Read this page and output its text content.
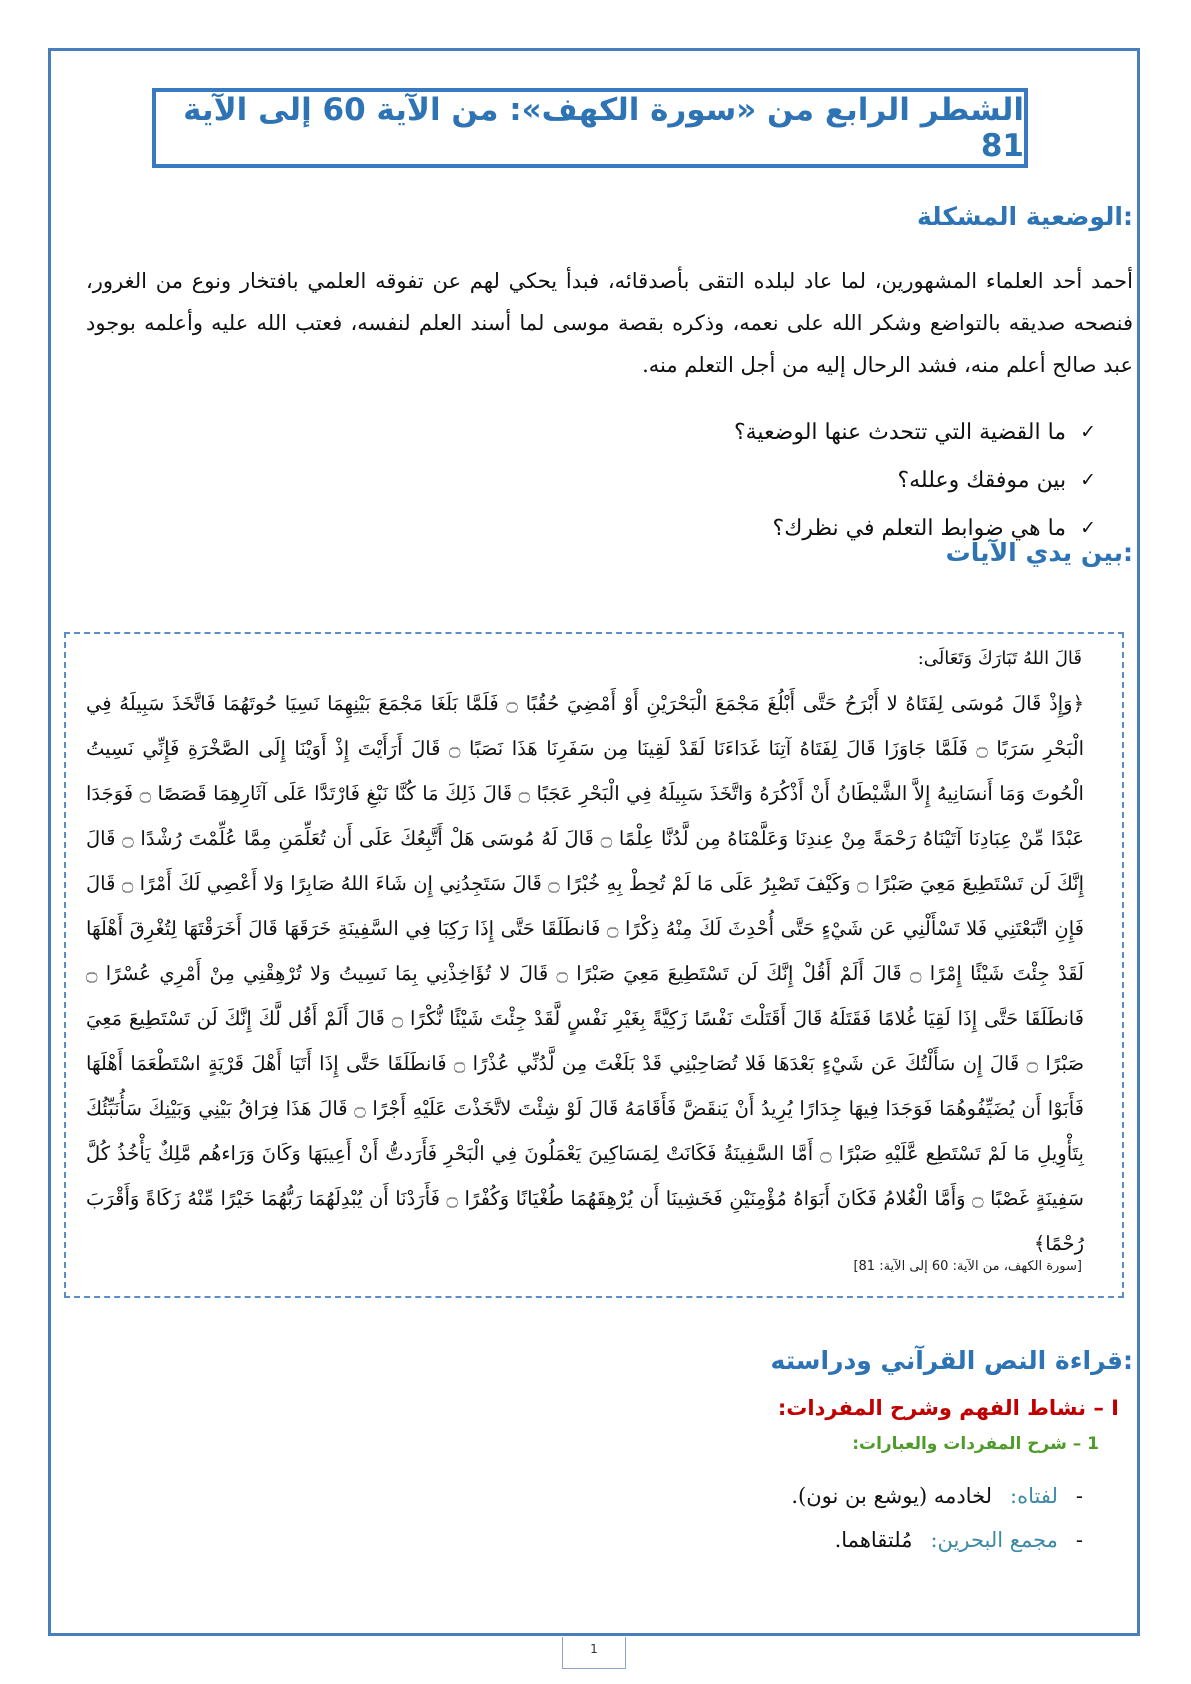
الشطر الرابع من «سورة الكهف»: من الآية 60 إلى الآية 81
الوضعية المشكلة:

أحمد أحد العلماء المشهورين، لما عاد لبلده التقى بأصدقائه، فبدأ يحكي لهم عن تفوقه العلمي بافتخار ونوع من الغرور، فنصحه صديقه بالتواضع وشكر الله على نعمه، وذكره بقصة موسى لما أسند العلم لنفسه، فعتب الله عليه وأعلمه بوجود عبد صالح أعلم منه، فشد الرحال إليه من أجل التعلم منه.

✓
ما القضية التي تتحدث عنها الوضعية؟
✓
بين موفقك وعلله؟
✓
ما هي ضوابط التعلم في نظرك؟
بين يدي الآيات:
قَالَ اللهُ تَبَارَكَ وَتَعَالَى:
﴿وَإِذْ قَالَ مُوسَى لِفَتَاهُ لا أَبْرَحُ حَتَّى أَبْلُغَ مَجْمَعَ الْبَحْرَيْنِ أَوْ أَمْضِيَ حُقُبًا ۝ فَلَمَّا بَلَغَا مَجْمَعَ بَيْنِهِمَا نَسِيَا حُوتَهُمَا فَاتَّخَذَ سَبِيلَهُ فِي الْبَحْرِ سَرَبًا ۝ فَلَمَّا جَاوَزَا قَالَ لِفَتَاهُ آتِنَا غَدَاءَنَا لَقَدْ لَقِينَا مِن سَفَرِنَا هَذَا نَصَبًا ۝ قَالَ أَرَأَيْتَ إِذْ أَوَيْنَا إِلَى الصَّخْرَةِ فَإِنِّي نَسِيتُ الْحُوتَ وَمَا أَنسَانِيهُ إِلاَّ الشَّيْطَانُ أَنْ أَذْكُرَهُ وَاتَّخَذَ سَبِيلَهُ فِي الْبَحْرِ عَجَبًا ۝ قَالَ ذَلِكَ مَا كُنَّا نَبْغِ فَارْتَدَّا عَلَى آثَارِهِمَا قَصَصًا ۝ فَوَجَدَا عَبْدًا مِّنْ عِبَادِنَا آتَيْنَاهُ رَحْمَةً مِنْ عِندِنَا وَعَلَّمْنَاهُ مِن لَّدُنَّا عِلْمًا ۝ قَالَ لَهُ مُوسَى هَلْ أَتَّبِعُكَ عَلَى أَن تُعَلِّمَنِ مِمَّا عُلِّمْتَ رُشْدًا ۝ قَالَ إِنَّكَ لَن تَسْتَطِيعَ مَعِيَ صَبْرًا ۝ وَكَيْفَ تَصْبِرُ عَلَى مَا لَمْ تُحِطْ بِهِ خُبْرًا ۝ قَالَ سَتَجِدُنِي إِن شَاءَ اللهُ صَابِرًا وَلا أَعْصِي لَكَ أَمْرًا ۝ قَالَ فَإِنِ اتَّبَعْتَنِي فَلا تَسْأَلْنِي عَن شَيْءٍ حَتَّى أُحْدِثَ لَكَ مِنْهُ ذِكْرًا ۝ فَانطَلَقَا حَتَّى إِذَا رَكِبَا فِي السَّفِينَةِ خَرَقَهَا قَالَ أَخَرَقْتَهَا لِتُغْرِقَ أَهْلَهَا لَقَدْ جِئْتَ شَيْئًا إِمْرًا ۝ قَالَ أَلَمْ أَقُلْ إِنَّكَ لَن تَسْتَطِيعَ مَعِيَ صَبْرًا ۝ قَالَ لا تُؤَاخِذْنِي بِمَا نَسِيتُ وَلا تُرْهِقْنِي مِنْ أَمْرِي عُسْرًا ۝ فَانطَلَقَا حَتَّى إِذَا لَقِيَا غُلامًا فَقَتَلَهُ قَالَ أَقَتَلْتَ نَفْسًا زَكِيَّةً بِغَيْرِ نَفْسٍ لَّقَدْ جِئْتَ شَيْئًا نُّكْرًا ۝ قَالَ أَلَمْ أَقُل لَّكَ إِنَّكَ لَن تَسْتَطِيعَ مَعِيَ صَبْرًا ۝ قَالَ إِن سَأَلْتُكَ عَن شَيْءٍ بَعْدَهَا فَلا تُصَاحِبْنِي قَدْ بَلَغْتَ مِن لَّدُنِّي عُذْرًا ۝ فَانطَلَقَا حَتَّى إِذَا أَتَيَا أَهْلَ قَرْيَةٍ اسْتَطْعَمَا أَهْلَهَا فَأَبَوْا أَن يُضَيِّفُوهُمَا فَوَجَدَا فِيهَا جِدَارًا يُرِيدُ أَنْ يَنقَضَّ فَأَقَامَهُ قَالَ لَوْ شِئْتَ لاتَّخَذْتَ عَلَيْهِ أَجْرًا ۝ قَالَ هَذَا فِرَاقُ بَيْنِي وَبَيْنِكَ سَأُنَبِّئُكَ بِتَأْوِيلِ مَا لَمْ تَسْتَطِع عَّلَيْهِ صَبْرًا ۝ أَمَّا السَّفِينَةُ فَكَانَتْ لِمَسَاكِينَ يَعْمَلُونَ فِي الْبَحْرِ فَأَرَدتُّ أَنْ أَعِيبَهَا وَكَانَ وَرَاءهُم مَّلِكٌ يَأْخُذُ كُلَّ سَفِينَةٍ غَصْبًا ۝ وَأَمَّا الْغُلامُ فَكَانَ أَبَوَاهُ مُؤْمِنَيْنِ فَخَشِينَا أَن يُرْهِقَهُمَا طُغْيَانًا وَكُفْرًا ۝ فَأَرَدْنَا أَن يُبْدِلَهُمَا رَبُّهُمَا خَيْرًا مِّنْهُ زَكَاةً وَأَقْرَبَ رُحْمًا﴾
[سورة الكهف، من الآية: 60 إلى الآية: 81]
قراءة النص القرآني ودراسته:
I – نشاط الفهم وشرح المفردات:
1 – شرح المفردات والعبارات:
-
لفتاه:
لخادمه (يوشع بن نون).
-
مجمع البحرين:
مُلتقاهما.
1
